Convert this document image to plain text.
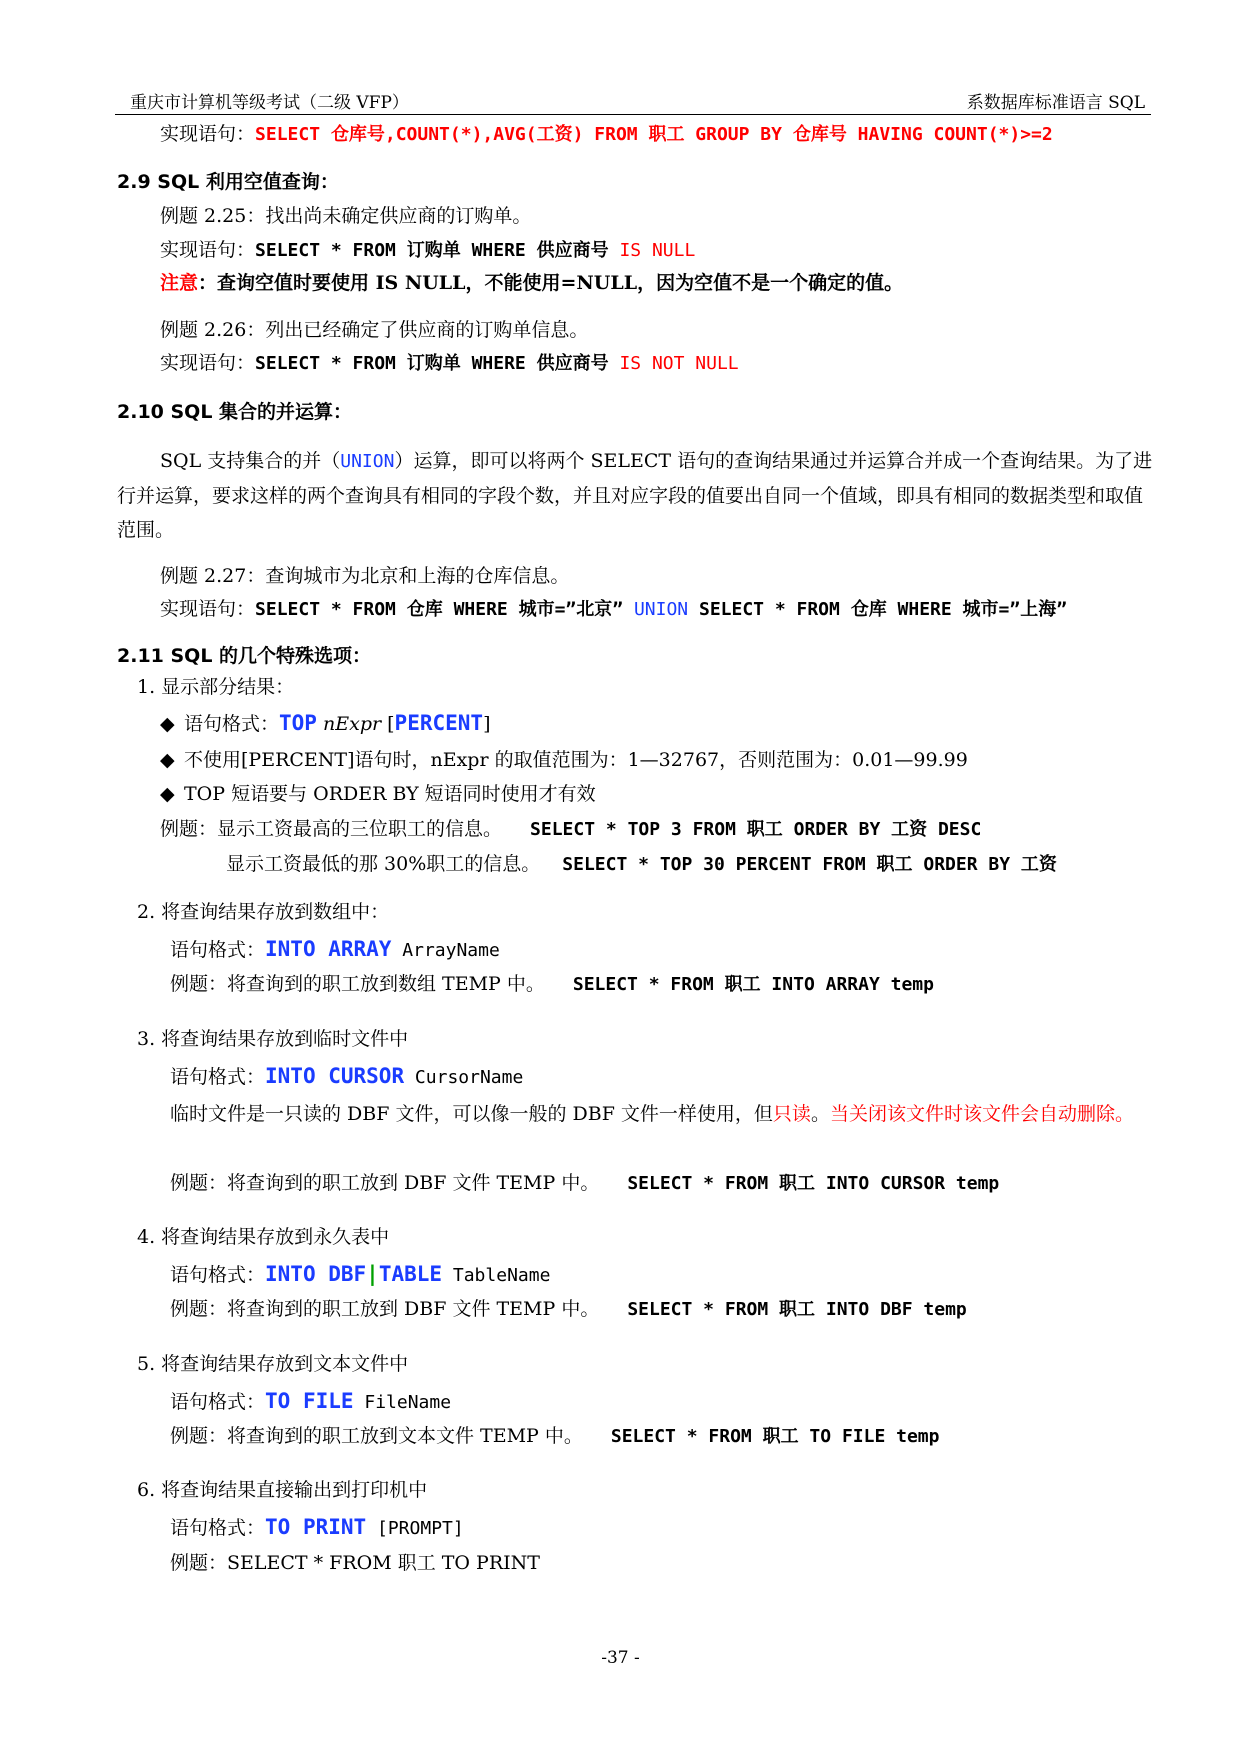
重庆市计算机等级考试（二级 VFP）	系数据库标准语言 SQL
实现语句：SELECT 仓库号,COUNT(*),AVG(工资) FROM 职工 GROUP BY 仓库号 HAVING COUNT(*)>=2
2.9 SQL 利用空值查询：
例题 2.25：找出尚未确定供应商的订购单。
实现语句：SELECT * FROM 订购单 WHERE 供应商号 IS NULL
注意：查询空值时要使用 IS NULL，不能使用=NULL，因为空值不是一个确定的值。
例题 2.26：列出已经确定了供应商的订购单信息。
实现语句：SELECT * FROM 订购单 WHERE 供应商号 IS NOT NULL
2.10 SQL 集合的并运算：
SQL 支持集合的并（UNION）运算，即可以将两个 SELECT 语句的查询结果通过并运算合并成一个查询结果。为了进行并运算，要求这样的两个查询具有相同的字段个数，并且对应字段的值要出自同一个值域，即具有相同的数据类型和取值范围。
例题 2.27：查询城市为北京和上海的仓库信息。
实现语句：SELECT * FROM 仓库 WHERE 城市=”北京” UNION SELECT * FROM 仓库 WHERE 城市=”上海”
2.11 SQL 的几个特殊选项：
1. 显示部分结果：
◆ 语句格式：TOP nExpr [PERCENT]
◆ 不使用[PERCENT]语句时，nExpr 的取值范围为：1—32767，否则范围为：0.01—99.99
◆ TOP 短语要与 ORDER BY 短语同时使用才有效
例题：显示工资最高的三位职工的信息。 SELECT * TOP 3 FROM 职工 ORDER BY 工资 DESC
显示工资最低的那 30%职工的信息。 SELECT * TOP 30 PERCENT FROM 职工 ORDER BY 工资
2. 将查询结果存放到数组中：
语句格式：INTO ARRAY ArrayName
例题：将查询到的职工放到数组 TEMP 中。 SELECT * FROM 职工 INTO ARRAY temp
3. 将查询结果存放到临时文件中
语句格式：INTO CURSOR CursorName
临时文件是一只读的 DBF 文件，可以像一般的 DBF 文件一样使用，但只读。当关闭该文件时该文件会自动删除。
例题：将查询到的职工放到 DBF 文件 TEMP 中。 SELECT * FROM 职工 INTO CURSOR temp
4. 将查询结果存放到永久表中
语句格式：INTO DBF|TABLE TableName
例题：将查询到的职工放到 DBF 文件 TEMP 中。 SELECT * FROM 职工 INTO DBF temp
5. 将查询结果存放到文本文件中
语句格式：TO FILE FileName
例题：将查询到的职工放到文本文件 TEMP 中。 SELECT * FROM 职工 TO FILE temp
6. 将查询结果直接输出到打印机中
语句格式：TO PRINT [PROMPT]
例题：SELECT * FROM 职工 TO PRINT
-37 -
